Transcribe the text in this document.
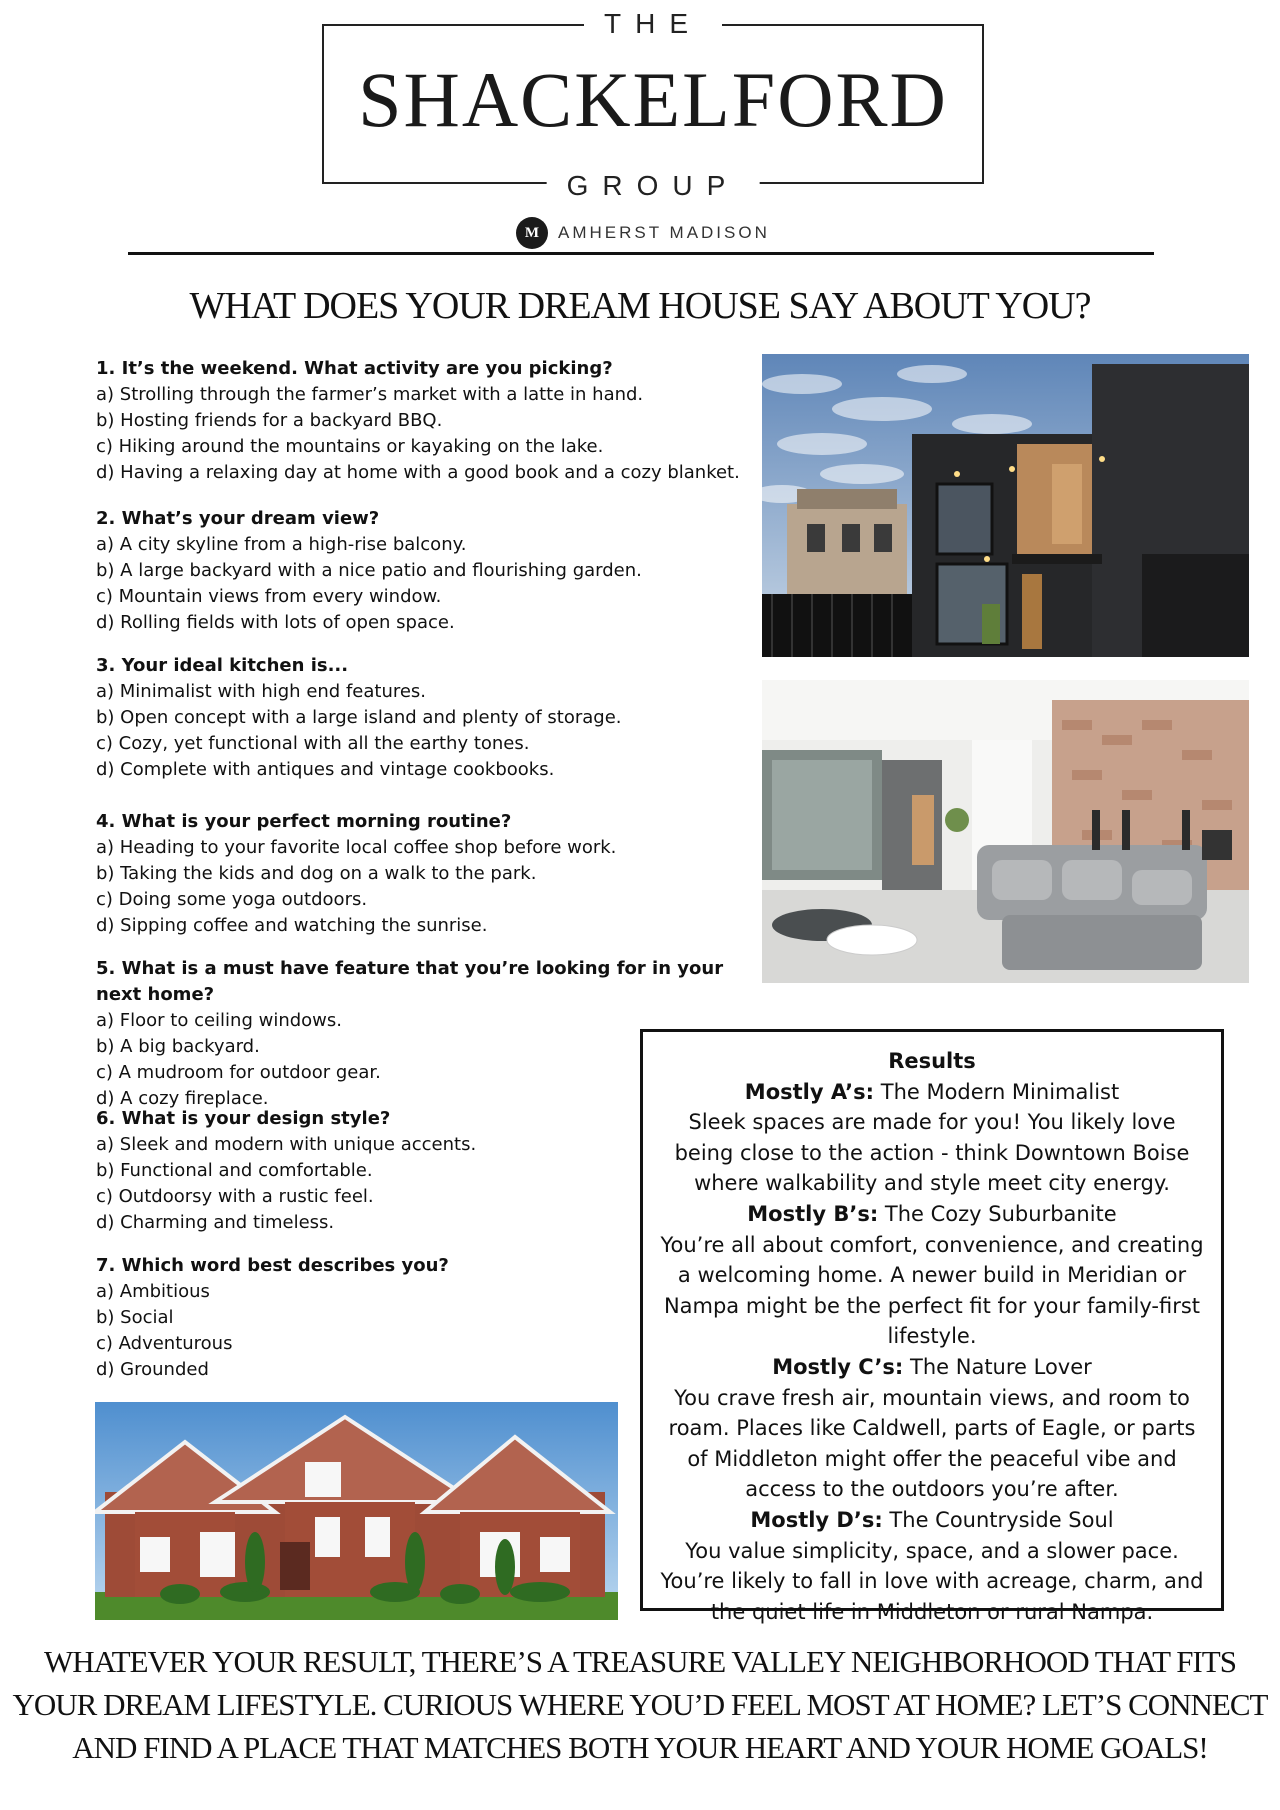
THE
SHACKELFORD
GROUP
M	AMHERST MADISON
WHAT DOES YOUR DREAM HOUSE SAY ABOUT YOU?
1. It’s the weekend. What activity are you picking?
a) Strolling through the farmer’s market with a latte in hand.
b) Hosting friends for a backyard BBQ.
c) Hiking around the mountains or kayaking on the lake.
d) Having a relaxing day at home with a good book and a cozy blanket.
2. What’s your dream view?
a) A city skyline from a high-rise balcony.
b) A large backyard with a nice patio and flourishing garden.
c) Mountain views from every window.
d) Rolling fields with lots of open space.
3. Your ideal kitchen is...
a) Minimalist with high end features.
b) Open concept with a large island and plenty of storage.
c) Cozy, yet functional with all the earthy tones.
d) Complete with antiques and vintage cookbooks.
4. What is your perfect morning routine?
a) Heading to your favorite local coffee shop before work.
b) Taking the kids and dog on a walk to the park.
c) Doing some yoga outdoors.
d) Sipping coffee and watching the sunrise.
5. What is a must have feature that you’re looking for in your next home?
a) Floor to ceiling windows.
b) A big backyard.
c) A mudroom for outdoor gear.
d) A cozy fireplace.
6. What is your design style?
a) Sleek and modern with unique accents.
b) Functional and comfortable.
c) Outdoorsy with a rustic feel.
d) Charming and timeless.
7. Which word best describes you?
a) Ambitious
b) Social
c) Adventurous
d) Grounded

Results

Mostly A’s: The Modern Minimalist

Sleek spaces are made for you! You likely love being close to the action - think Downtown Boise where walkability and style meet city energy.

Mostly B’s: The Cozy Suburbanite

You’re all about comfort, convenience, and creating a welcoming home. A newer build in Meridian or Nampa might be the perfect fit for your family-first lifestyle.

Mostly C’s: The Nature Lover

You crave fresh air, mountain views, and room to roam. Places like Caldwell, parts of Eagle, or parts of Middleton might offer the peaceful vibe and access to the outdoors you’re after.

Mostly D’s: The Countryside Soul

You value simplicity, space, and a slower pace. You’re likely to fall in love with acreage, charm, and the quiet life in Middleton or rural Nampa.

WHATEVER YOUR RESULT, THERE’S A TREASURE VALLEY NEIGHBORHOOD THAT FITS
YOUR DREAM LIFESTYLE. CURIOUS WHERE YOU’D FEEL MOST AT HOME? LET’S CONNECT
AND FIND A PLACE THAT MATCHES BOTH YOUR HEART AND YOUR HOME GOALS!
